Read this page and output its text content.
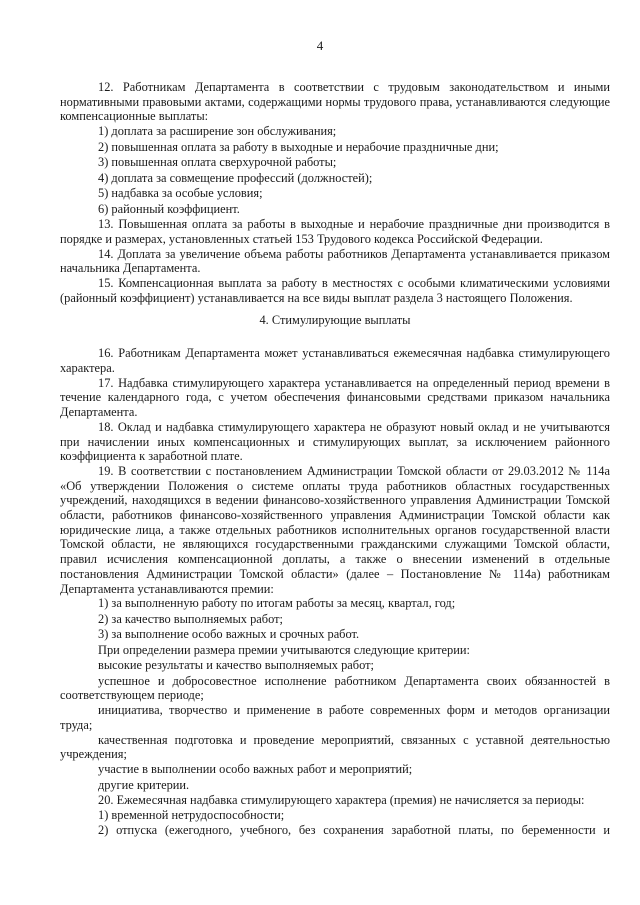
4

12. Работникам Департамента в соответствии с трудовым законодательством и иными нормативными правовыми актами, содержащими нормы трудового права, устанавливаются следующие компенсационные выплаты:

1) доплата за расширение зон обслуживания;

2) повышенная оплата за работу в выходные и нерабочие праздничные дни;

3) повышенная оплата сверхурочной работы;

4) доплата за совмещение профессий (должностей);

5) надбавка за особые условия;

6) районный коэффициент.

13. Повышенная оплата за работы в выходные и нерабочие праздничные дни производится в порядке и размерах, установленных статьей 153 Трудового кодекса Российской Федерации.

14. Доплата за увеличение объема работы работников Департамента устанавливается приказом начальника Департамента.

15. Компенсационная выплата за работу в местностях с особыми климатическими условиями (районный коэффициент) устанавливается на все виды выплат раздела 3 настоящего Положения.

4. Стимулирующие выплаты

16. Работникам Департамента может устанавливаться ежемесячная надбавка стимулирующего характера.

17. Надбавка стимулирующего характера устанавливается на определенный период времени в течение календарного года, с учетом обеспечения финансовыми средствами приказом начальника Департамента.

18. Оклад и надбавка стимулирующего характера не образуют новый оклад и не учитываются при начислении иных компенсационных и стимулирующих выплат, за исключением районного коэффициента к заработной плате.

19. В соответствии с постановлением Администрации Томской области от 29.03.2012 № 114а «Об утверждении Положения о системе оплаты труда работников областных государственных учреждений, находящихся в ведении финансово-хозяйственного управления Администрации Томской области, работников финансово-хозяйственного управления Администрации Томской области как юридические лица, а также отдельных работников исполнительных органов государственной власти Томской области, не являющихся государственными гражданскими служащими Томской области, правил исчисления компенсационной доплаты, а также о внесении изменений в отдельные постановления Администрации Томской области» (далее – Постановление № 114а) работникам Департамента устанавливаются премии:

1) за выполненную работу по итогам работы за месяц, квартал, год;

2) за качество выполняемых работ;

3) за выполнение особо важных и срочных работ.

При определении размера премии учитываются следующие критерии:

высокие результаты и качество выполняемых работ;

успешное и добросовестное исполнение работником Департамента своих обязанностей в соответствующем периоде;

инициатива, творчество и применение в работе современных форм и методов организации труда;

качественная подготовка и проведение мероприятий, связанных с уставной деятельностью учреждения;

участие в выполнении особо важных работ и мероприятий;

другие критерии.

20. Ежемесячная надбавка стимулирующего характера (премия) не начисляется за периоды:

1) временной нетрудоспособности;

2) отпуска (ежегодного, учебного, без сохранения заработной платы, по беременности и
